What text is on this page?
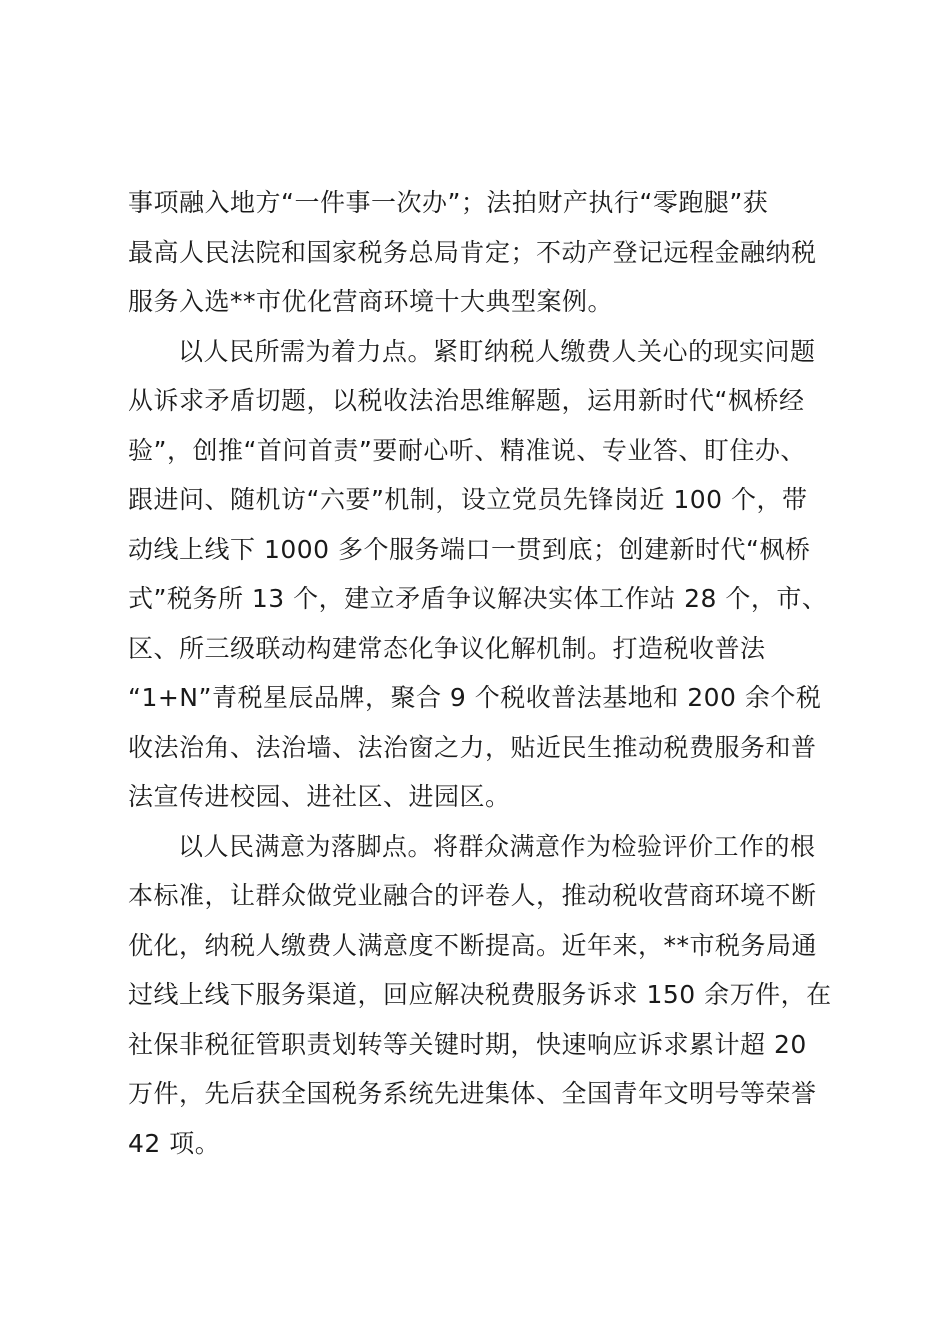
事项融入地方“一件事一次办”；法拍财产执行“零跑腿”获
最高人民法院和国家税务总局肯定；不动产登记远程金融纳税
服务入选**市优化营商环境十大典型案例。
以人民所需为着力点。紧盯纳税人缴费人关心的现实问题
从诉求矛盾切题，以税收法治思维解题，运用新时代“枫桥经
验”，创推“首问首责”要耐心听、精准说、专业答、盯住办、
跟进问、随机访“六要”机制，设立党员先锋岗近 100 个，带
动线上线下 1000 多个服务端口一贯到底；创建新时代“枫桥
式”税务所 13 个，建立矛盾争议解决实体工作站 28 个，市、
区、所三级联动构建常态化争议化解机制。打造税收普法
“1+N”青税星辰品牌，聚合 9 个税收普法基地和 200 余个税
收法治角、法治墙、法治窗之力，贴近民生推动税费服务和普
法宣传进校园、进社区、进园区。
以人民满意为落脚点。将群众满意作为检验评价工作的根
本标准，让群众做党业融合的评卷人，推动税收营商环境不断
优化，纳税人缴费人满意度不断提高。近年来，**市税务局通
过线上线下服务渠道，回应解决税费服务诉求 150 余万件，在
社保非税征管职责划转等关键时期，快速响应诉求累计超 20
万件，先后获全国税务系统先进集体、全国青年文明号等荣誉
42 项。
